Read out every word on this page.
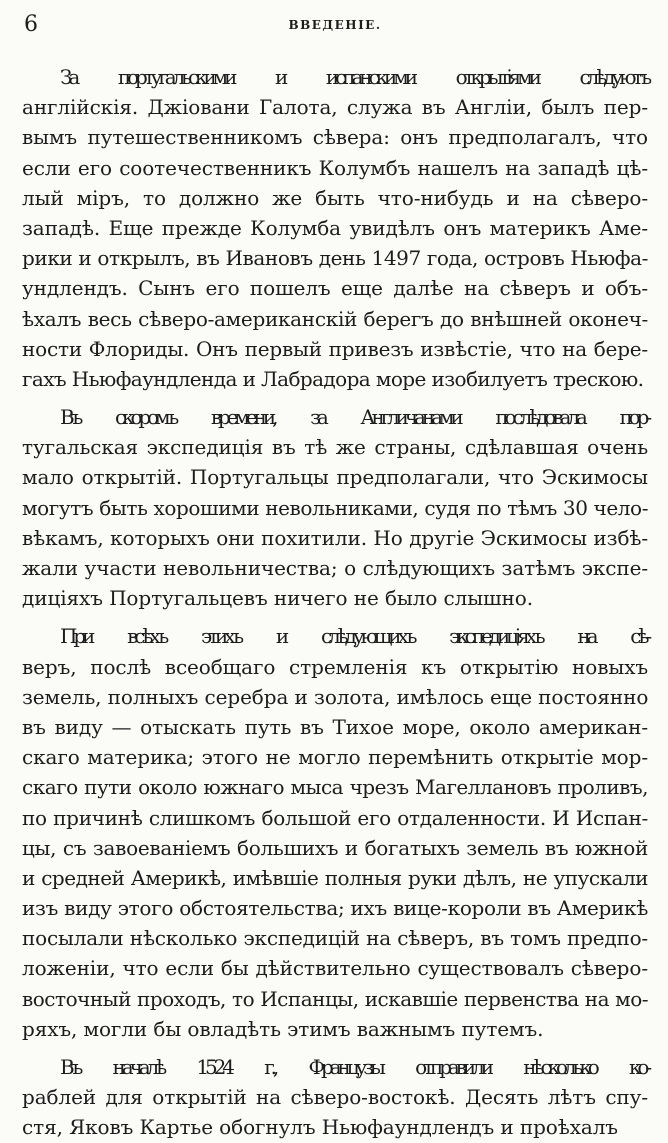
6	ВВЕДЕНІЕ.
За португальскими и испанскими открытіями слѣдуютъ
англійскія. Джіовани Галота, служа въ Англіи, былъ пер-
вымъ путешественникомъ сѣвера: онъ предполагалъ, что
если его соотечественникъ Колумбъ нашелъ на западѣ цѣ-
лый міръ, то должно же быть что-нибудь и на сѣверо-
западѣ. Еще прежде Колумба увидѣлъ онъ материкъ Аме-
рики и открылъ, въ Ивановъ день 1497 года, островъ Ньюфа-
ундлендъ. Сынъ его пошелъ еще далѣе на сѣверъ и объ-
ѣхалъ весь сѣверо-американскій берегъ до внѣшней оконеч-
ности Флориды. Онъ первый привезъ извѣстіе, что на бере-
гахъ Ньюфаундленда и Лабрадора море изобилуетъ трескою.
Въ скоромъ времени, за Англичанами послѣдовала пор-
тугальская экспедиція въ тѣ же страны, сдѣлавшая очень
мало открытій. Португальцы предполагали, что Эскимосы
могутъ быть хорошими невольниками, судя по тѣмъ 30 чело-
вѣкамъ, которыхъ они похитили. Но другіе Эскимосы избѣ-
жали участи невольничества; о слѣдующихъ затѣмъ экспе-
диціяхъ Португальцевъ ничего не было слышно.
При всѣхъ этихъ и слѣдующихъ экспедиціяхъ на сѣ-
веръ, послѣ всеобщаго стремленія къ открытію новыхъ
земель, полныхъ серебра и золота, имѣлось еще постоянно
въ виду — отыскать путь въ Тихое море, около американ-
скаго материка; этого не могло перемѣнить открытіе мор-
скаго пути около южнаго мыса чрезъ Магеллановъ проливъ,
по причинѣ слишкомъ большой его отдаленности. И Испан-
цы, съ завоеваніемъ большихъ и богатыхъ земель въ южной
и средней Америкѣ, имѣвшіе полныя руки дѣлъ, не упускали
изъ виду этого обстоятельства; ихъ вице-короли въ Америкѣ
посылали нѣсколько экспедицій на сѣверъ, въ томъ предпо-
ложеніи, что если бы дѣйствительно существовалъ сѣверо-
восточный проходъ, то Испанцы, искавшіе первенства на мо-
ряхъ, могли бы овладѣть этимъ важнымъ путемъ.
Въ началѣ 1524 г., Французы отправили нѣсколько ко-
раблей для открытій на сѣверо-востокѣ. Десять лѣтъ спу-
стя, Яковъ Картье обогнулъ Ньюфаундлендъ и проѣхалъ
